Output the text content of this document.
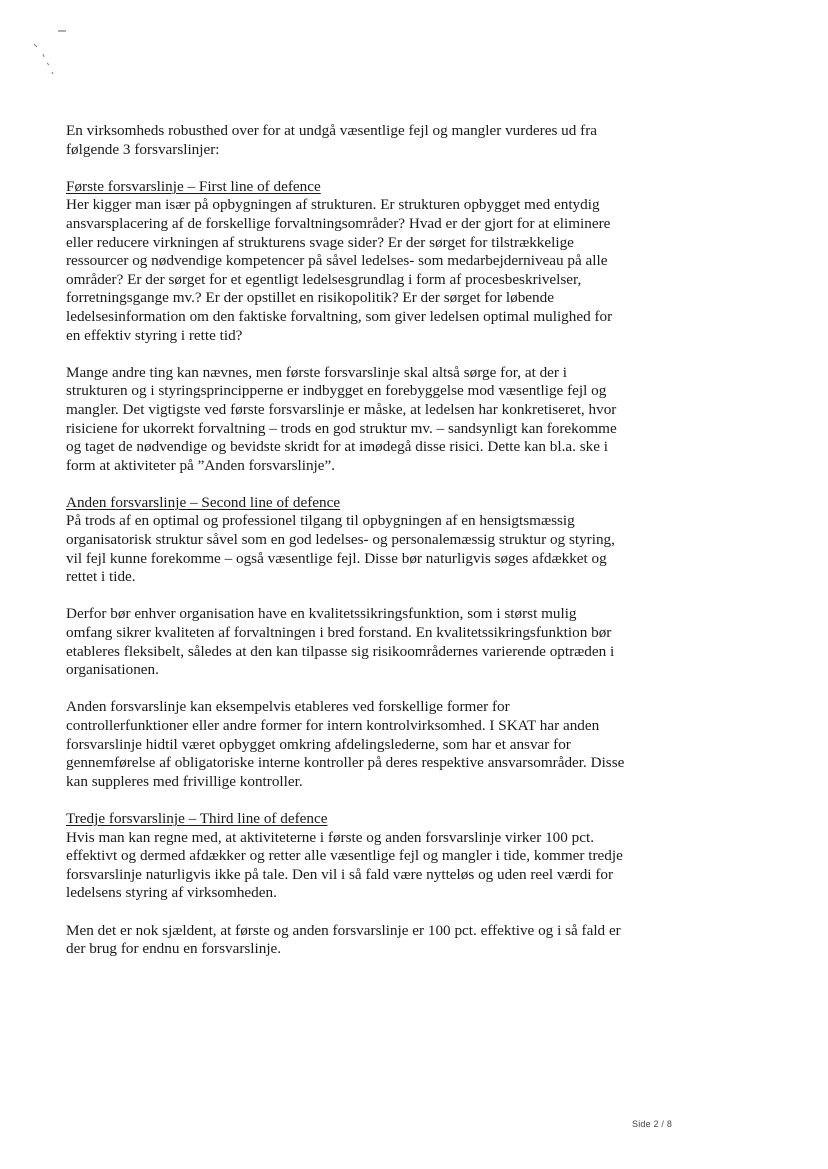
En virksomheds robusthed over for at undgå væsentlige fejl og mangler vurderes ud fra følgende 3 forsvarslinjer:

Første forsvarslinje – First line of defence

Her kigger man især på opbygningen af strukturen. Er strukturen opbygget med entydig ansvarsplacering af de forskellige forvaltningsområder? Hvad er der gjort for at eliminere eller reducere virkningen af strukturens svage sider? Er der sørget for tilstrækkelige ressourcer og nødvendige kompetencer på såvel ledelses- som medarbejderniveau på alle områder? Er der sørget for et egentligt ledelsesgrundlag i form af procesbeskrivelser, forretningsgange mv.? Er der opstillet en risikopolitik? Er der sørget for løbende ledelsesinformation om den faktiske forvaltning, som giver ledelsen optimal mulighed for en effektiv styring i rette tid?

Mange andre ting kan nævnes, men første forsvarslinje skal altså sørge for, at der i strukturen og i styringsprincipperne er indbygget en forebyggelse mod væsentlige fejl og mangler. Det vigtigste ved første forsvarslinje er måske, at ledelsen har konkretiseret, hvor risiciene for ukorrekt forvaltning – trods en god struktur mv. – sandsynligt kan forekomme og taget de nødvendige og bevidste skridt for at imødegå disse risici. Dette kan bl.a. ske i form at aktiviteter på ”Anden forsvarslinje”.

Anden forsvarslinje – Second line of defence

På trods af en optimal og professionel tilgang til opbygningen af en hensigtsmæssig organisatorisk struktur såvel som en god ledelses- og personalemæssig struktur og styring, vil fejl kunne forekomme – også væsentlige fejl. Disse bør naturligvis søges afdækket og rettet i tide.

Derfor bør enhver organisation have en kvalitetssikringsfunktion, som i størst mulig omfang sikrer kvaliteten af forvaltningen i bred forstand. En kvalitetssikringsfunktion bør etableres fleksibelt, således at den kan tilpasse sig risikoområdernes varierende optræden i organisationen.

Anden forsvarslinje kan eksempelvis etableres ved forskellige former for controllerfunktioner eller andre former for intern kontrolvirksomhed. I SKAT har anden forsvarslinje hidtil været opbygget omkring afdelingslederne, som har et ansvar for gennemførelse af obligatoriske interne kontroller på deres respektive ansvarsområder. Disse kan suppleres med frivillige kontroller.

Tredje forsvarslinje – Third line of defence

Hvis man kan regne med, at aktiviteterne i første og anden forsvarslinje virker 100 pct. effektivt og dermed afdækker og retter alle væsentlige fejl og mangler i tide, kommer tredje forsvarslinje naturligvis ikke på tale. Den vil i så fald være nytteløs og uden reel værdi for ledelsens styring af virksomheden.

Men det er nok sjældent, at første og anden forsvarslinje er 100 pct. effektive og i så fald er der brug for endnu en forsvarslinje.

Side 2 / 8
